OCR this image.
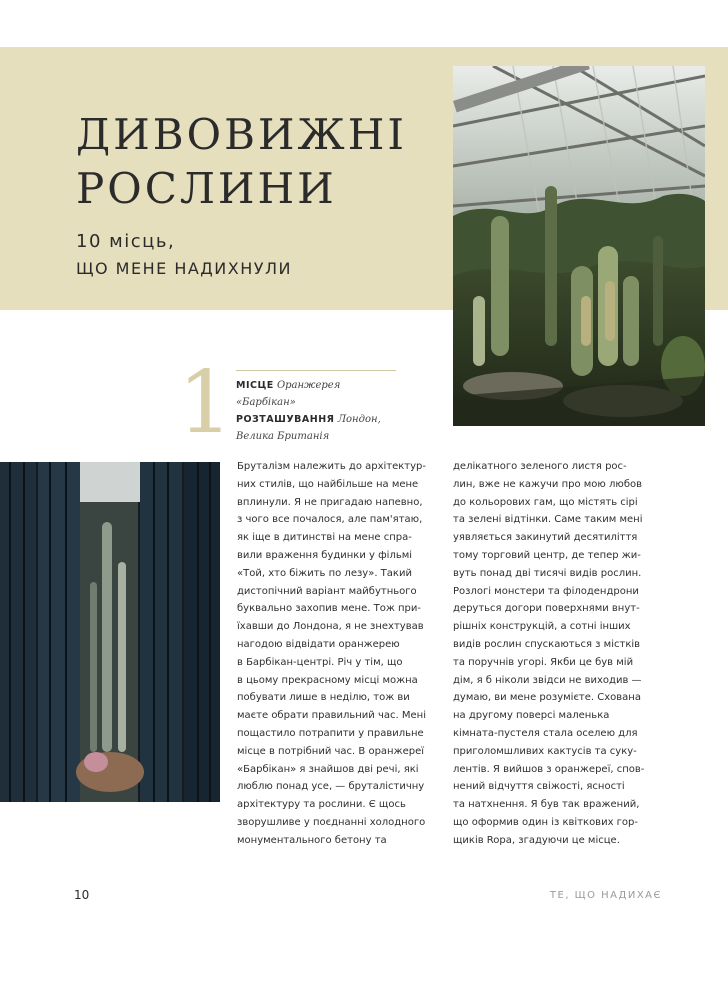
ДИВОВИЖНІ
РОСЛИНИ
10 місць,
ЩО МЕНЕ НАДИХНУЛИ
1 МІСЦЕ Оранжерея «Барбікан»
РОЗТАШУВАННЯ Лондон,
Велика Британія

Бруталізм належить до архітектур-

них стилів, що найбільше на мене

вплинули. Я не пригадаю напевно,

з чого все почалося, але пам'ятаю,

як іще в дитинстві на мене спра-

вили враження будинки у фільмі

«Той, хто біжить по лезу». Такий

дистопічний варіант майбутнього

буквально захопив мене. Тож при-

їхавши до Лондона, я не знехтував

нагодою відвідати оранжерею

в Барбікан-центрі. Річ у тім, що

в цьому прекрасному місці можна

побувати лише в неділю, тож ви

маєте обрати правильний час. Мені

пощастило потрапити у правильне

місце в потрібний час. В оранжереї

«Барбікан» я знайшов дві речі, які

люблю понад усе, — бруталістичну

архітектуру та рослини. Є щось

зворушливе у поєднанні холодного

монументального бетону та

делікатного зеленого листя рос-

лин, вже не кажучи про мою любов

до кольорових гам, що містять сірі

та зелені відтінки. Саме таким мені

уявляється закинутий десятиліття

тому торговий центр, де тепер жи-

вуть понад дві тисячі видів рослин.

Розлогі монстери та філодендрони

деруться догори поверхнями внут-

рішніх конструкцій, а сотні інших

видів рослин спускаються з містків

та поручнів угорі. Якби це був мій

дім, я б ніколи звідси не виходив —

думаю, ви мене розумієте. Схована

на другому поверсі маленька

кімната-пустеля стала оселею для

приголомшливих кактусів та суку-

лентів. Я вийшов з оранжереї, спов-

нений відчуття свіжості, ясності

та натхнення. Я був так вражений,

що оформив один із квіткових гор-

щиків Ropa, згадуючи це місце.

10	ТЕ, ЩО НАДИХАЄ
